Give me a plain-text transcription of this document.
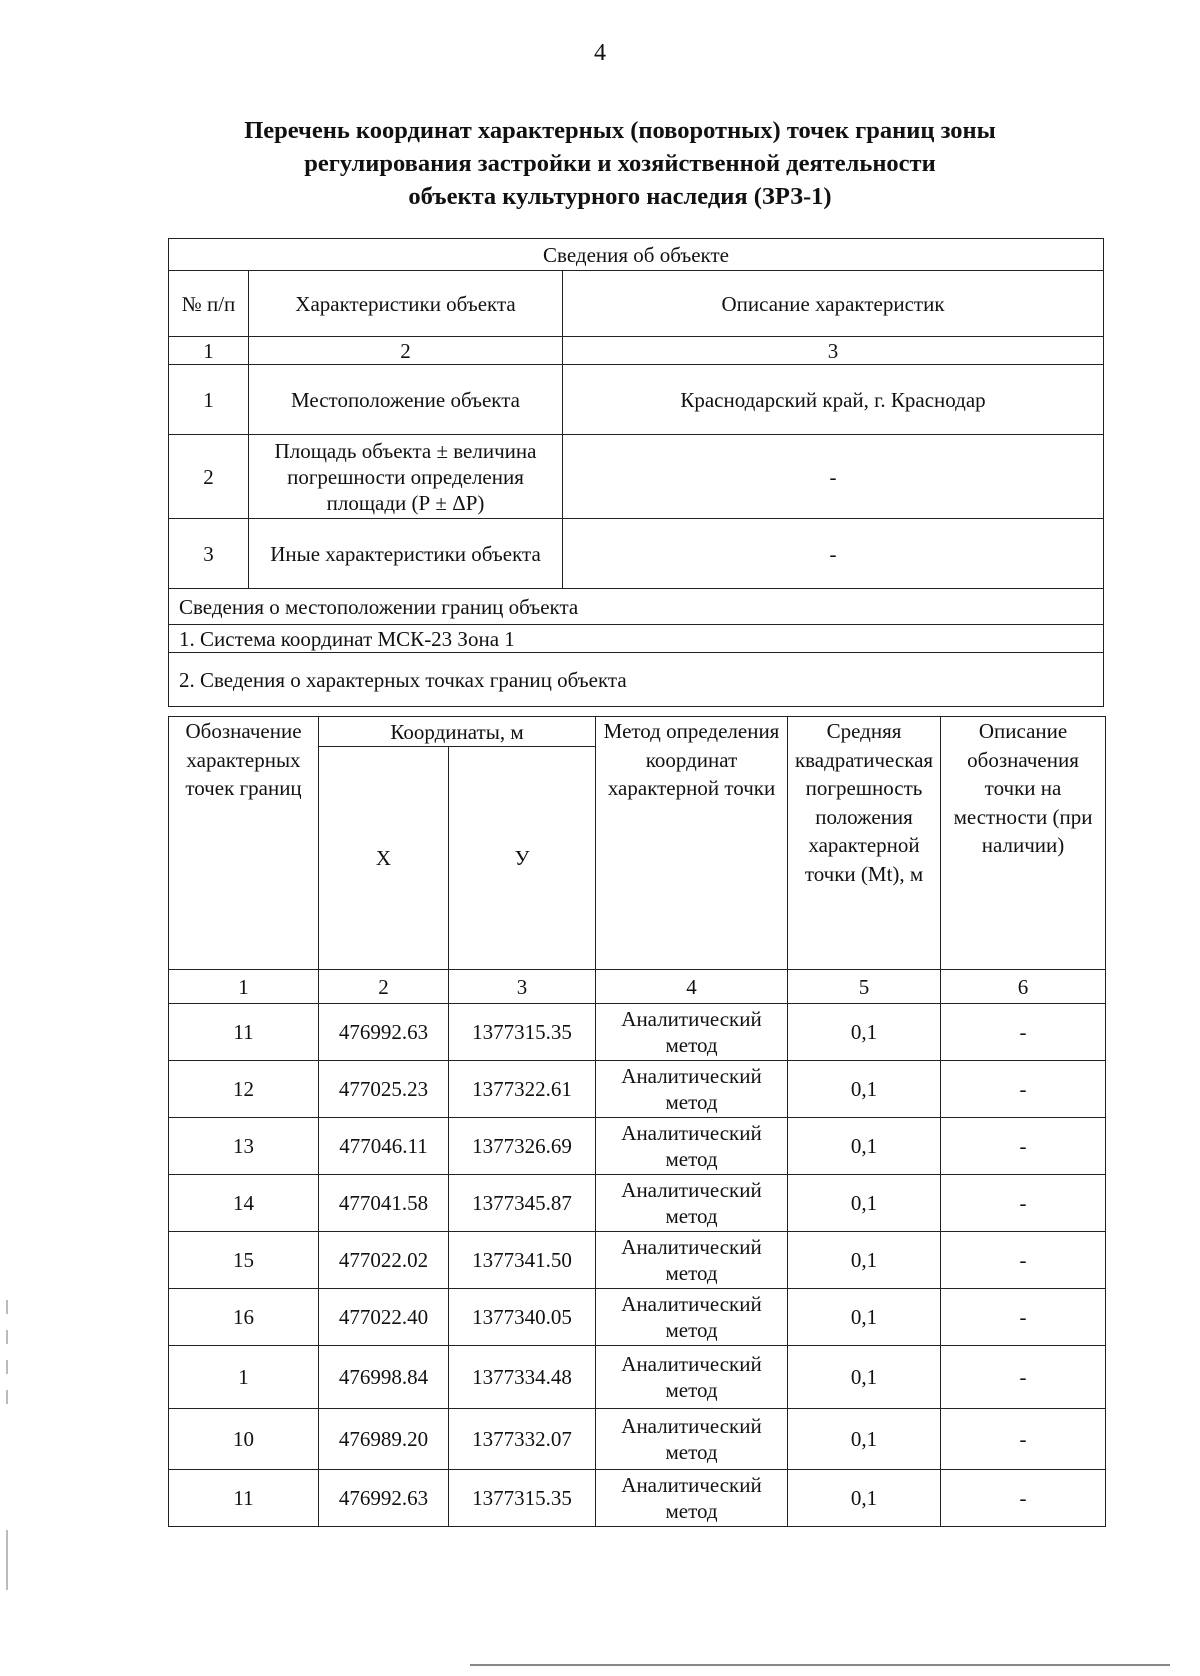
4
Перечень координат характерных (поворотных) точек границ зоны
регулирования застройки и хозяйственной деятельности
объекта культурного наследия (ЗРЗ-1)
Сведения об объекте		
№ п/п	Характеристики объекта	Описание характеристик
1	2	3
1	Местоположение объекта	Краснодарский край, г. Краснодар
2	Площадь объекта ± величина погрешности определения площади (Р ± ΔР)	-
3	Иные характеристики объекта	-
Сведения о местоположении границ объекта		
1. Система координат МСК-23 Зона 1		
2. Сведения о характерных точках границ объекта		
Обозначение характерных точек границ	Координаты, м		Метод определения координат характерной точки	Средняя квадратическая погрешность положения характерной точки (Мt), м	Описание обозначения точки на местности (при наличии)
	X	У			
1	2	3	4	5	6
11	476992.63	1377315.35	Аналитический метод	0,1	-
12	477025.23	1377322.61	Аналитический метод	0,1	-
13	477046.11	1377326.69	Аналитический метод	0,1	-
14	477041.58	1377345.87	Аналитический метод	0,1	-
15	477022.02	1377341.50	Аналитический метод	0,1	-
16	477022.40	1377340.05	Аналитический метод	0,1	-
1	476998.84	1377334.48	Аналитический метод	0,1	-
10	476989.20	1377332.07	Аналитический метод	0,1	-
11	476992.63	1377315.35	Аналитический метод	0,1	-
